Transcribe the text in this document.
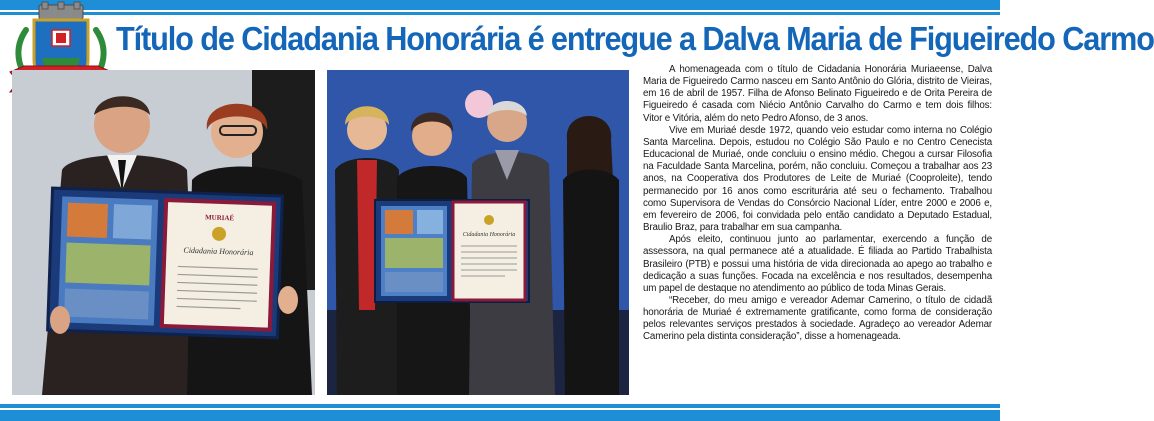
Título de Cidadania Honorária é entregue a Dalva Maria de Figueiredo Carmo
MURIAÉ
Cidadania Honorária
Cidadania Honorária

A homenageada com o título de Cidadania Honorária Muriaeense, Dalva Maria de Figueiredo Carmo nasceu em Santo Antônio do Glória, distrito de Vieiras, em 16 de abril de 1957. Filha de Afonso Belinato Figueiredo e de Orita Pereira de Figueiredo é casada com Niécio Antônio Carvalho do Carmo e tem dois filhos: Vitor e Vitória, além do neto Pedro Afonso, de 3 anos.

Vive em Muriaé desde 1972, quando veio estudar como interna no Colégio Santa Marcelina. Depois, estudou no Colégio São Paulo e no Centro Cenecista Educacional de Muriaé, onde concluiu o ensino médio. Chegou a cursar Filosofia na Faculdade Santa Marcelina, porém, não concluiu. Começou a trabalhar aos 23 anos, na Cooperativa dos Produtores de Leite de Muriaé (Cooproleite), tendo permanecido por 16 anos como escriturária até seu o fechamento. Trabalhou como Supervisora de Vendas do Consórcio Nacional Líder, entre 2000 e 2006 e, em fevereiro de 2006, foi convidada pelo então candidato a Deputado Estadual, Braulio Braz, para trabalhar em sua campanha.

Após eleito, continuou junto ao parlamentar, exercendo a função de assessora, na qual permanece até a atualidade. É filiada ao Partido Trabalhista Brasileiro (PTB) e possui uma história de vida direcionada ao apego ao trabalho e dedicação a suas funções. Focada na excelência e nos resultados, desempenha um papel de destaque no atendimento ao público de toda Minas Gerais.

“Receber, do meu amigo e vereador Ademar Camerino, o título de cidadã honorária de Muriaé é extremamente gratificante, como forma de consideração pelos relevantes serviços prestados à sociedade. Agradeço ao vereador Ademar Camerino pela distinta consideração”, disse a homenageada.
